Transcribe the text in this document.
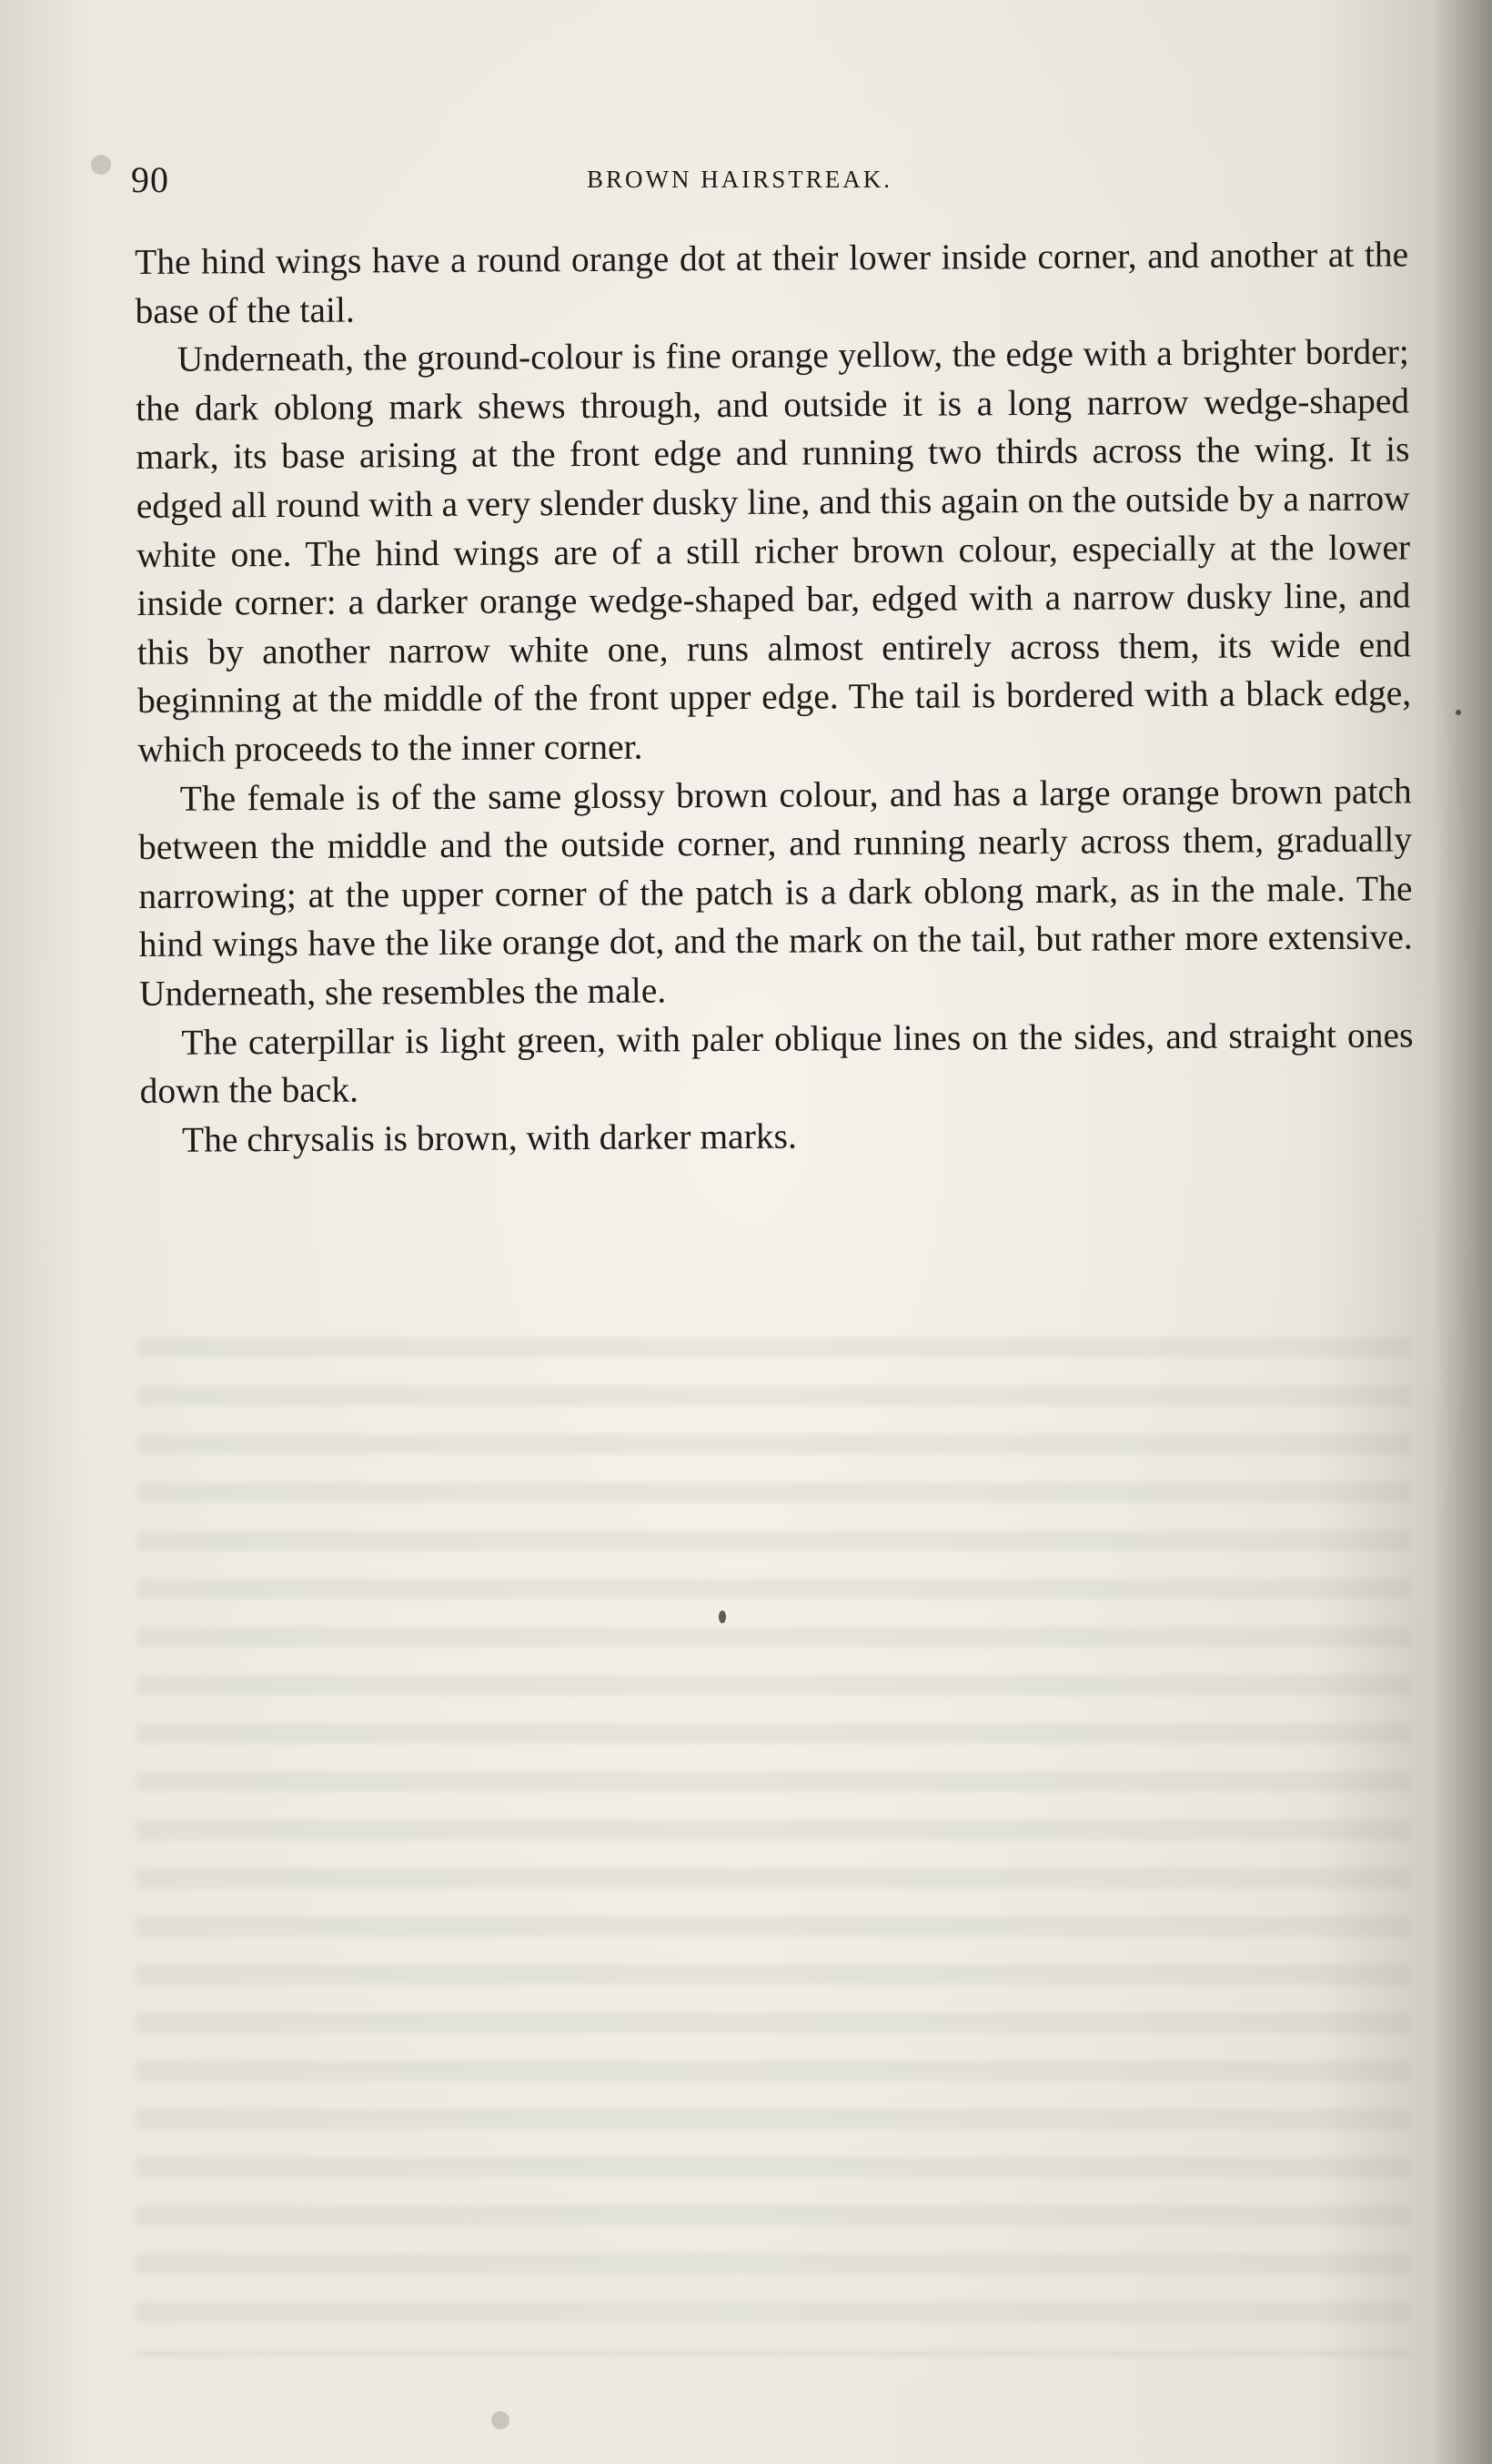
90	BROWN HAIRSTREAK.

The hind wings have a round orange dot at their lower inside corner, and another at the base of the tail.

Underneath, the ground-colour is fine orange yellow, the edge with a brighter border; the dark oblong mark shews through, and outside it is a long narrow wedge-shaped mark, its base arising at the front edge and running two thirds across the wing. It is edged all round with a very slender dusky line, and this again on the outside by a narrow white one. The hind wings are of a still richer brown colour, especially at the lower inside corner: a darker orange wedge-shaped bar, edged with a narrow dusky line, and this by another narrow white one, runs almost entirely across them, its wide end beginning at the middle of the front upper edge. The tail is bordered with a black edge, which proceeds to the inner corner.

The female is of the same glossy brown colour, and has a large orange brown patch between the middle and the outside corner, and running nearly across them, gradually narrowing; at the upper corner of the patch is a dark oblong mark, as in the male. The hind wings have the like orange dot, and the mark on the tail, but rather more extensive. Underneath, she resembles the male.

The caterpillar is light green, with paler oblique lines on the sides, and straight ones down the back.

The chrysalis is brown, with darker marks.
